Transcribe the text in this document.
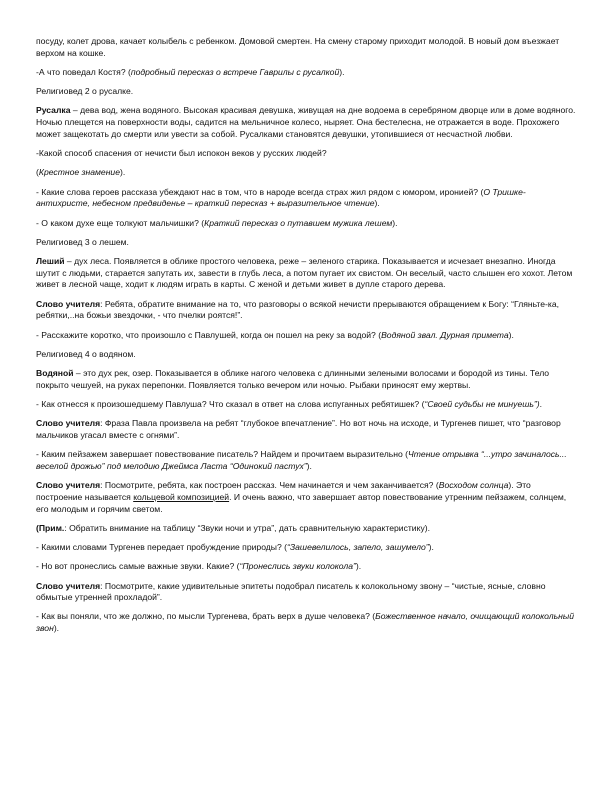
посуду, колет дрова, качает колыбель с ребенком. Домовой смертен. На смену старому приходит молодой. В новый дом въезжает верхом на кошке.

-А что поведал Костя? (подробный пересказ о встрече Гаврилы с русалкой).

Религиовед 2 о русалке.

Русалка – дева вод, жена водяного. Высокая красивая девушка, живущая на дне водоема в серебряном дворце или в доме водяного. Ночью плещется на поверхности воды, садится на мельничное колесо, ныряет. Она бестелесна, не отражается в воде. Прохожего может защекотать до смерти или увести за собой. Русалками становятся девушки, утопившиеся от несчастной любви.

-Какой способ спасения от нечисти был испокон веков у русских людей?

(Крестное знамение).

- Какие слова героев рассказа убеждают нас в том, что в народе всегда страх жил рядом с юмором, иронией? (О Тришке-антихристе, небесном предвиденье – краткий пересказ + выразительное чтение).

- О каком духе еще толкуют мальчишки? (Краткий пересказ о путавшем мужика лешем).

Религиовед 3 о лешем.

Леший – дух леса. Появляется в облике простого человека, реже – зеленого старика. Показывается и исчезает внезапно. Иногда шутит с людьми, старается запутать их, завести в глубь леса, а потом пугает их свистом. Он веселый, часто слышен его хохот. Летом живет в лесной чаще, ходит к людям играть в карты. С женой и детьми живет в дупле старого дерева.

Слово учителя: Ребята, обратите внимание на то, что разговоры о всякой нечисти прерываются обращением к Богу: “Гляньте-ка, ребятки,..на божьи звездочки, - что пчелки роятся!”.

- Расскажите коротко, что произошло с Павлушей, когда он пошел на реку за водой? (Водяной звал. Дурная примета).

Религиовед 4 о водяном.

Водяной – это дух рек, озер. Показывается в облике нагого человека с длинными зелеными волосами и бородой из тины. Тело покрыто чешуей, на руках перепонки. Появляется только вечером или ночью. Рыбаки приносят ему жертвы.

- Как отнесся к произошедшему Павлуша? Что сказал в ответ на слова испуганных ребятишек? (“Своей судьбы не минуешь”).

Слово учителя: Фраза Павла произвела на ребят “глубокое впечатление”. Но вот ночь на исходе, и Тургенев пишет, что “разговор мальчиков угасал вместе с огнями”.

- Каким пейзажем завершает повествование писатель? Найдем и прочитаем выразительно (Чтение отрывка “...утро зачиналось... веселой дрожью” под мелодию Джеймса Ласта “Одинокий пастух”).

Слово учителя: Посмотрите, ребята, как построен рассказ. Чем начинается и чем заканчивается? (Восходом солнца). Это построение называется кольцевой композицией. И очень важно, что завершает автор повествование утренним пейзажем, солнцем, его молодым и горячим светом.

(Прим.: Обратить внимание на таблицу “Звуки ночи и утра”, дать сравнительную характеристику).

- Какими словами Тургенев передает пробуждение природы? (“Зашевелилось, запело, зашумело”).

- Но вот пронеслись самые важные звуки. Какие? (“Пронеслись звуки колокола”).

Слово учителя: Посмотрите, какие удивительные эпитеты подобрал писатель к колокольному звону – “чистые, ясные, словно обмытые утренней прохладой”.

- Как вы поняли, что же должно, по мысли Тургенева, брать верх в душе человека? (Божественное начало, очищающий колокольный звон).
